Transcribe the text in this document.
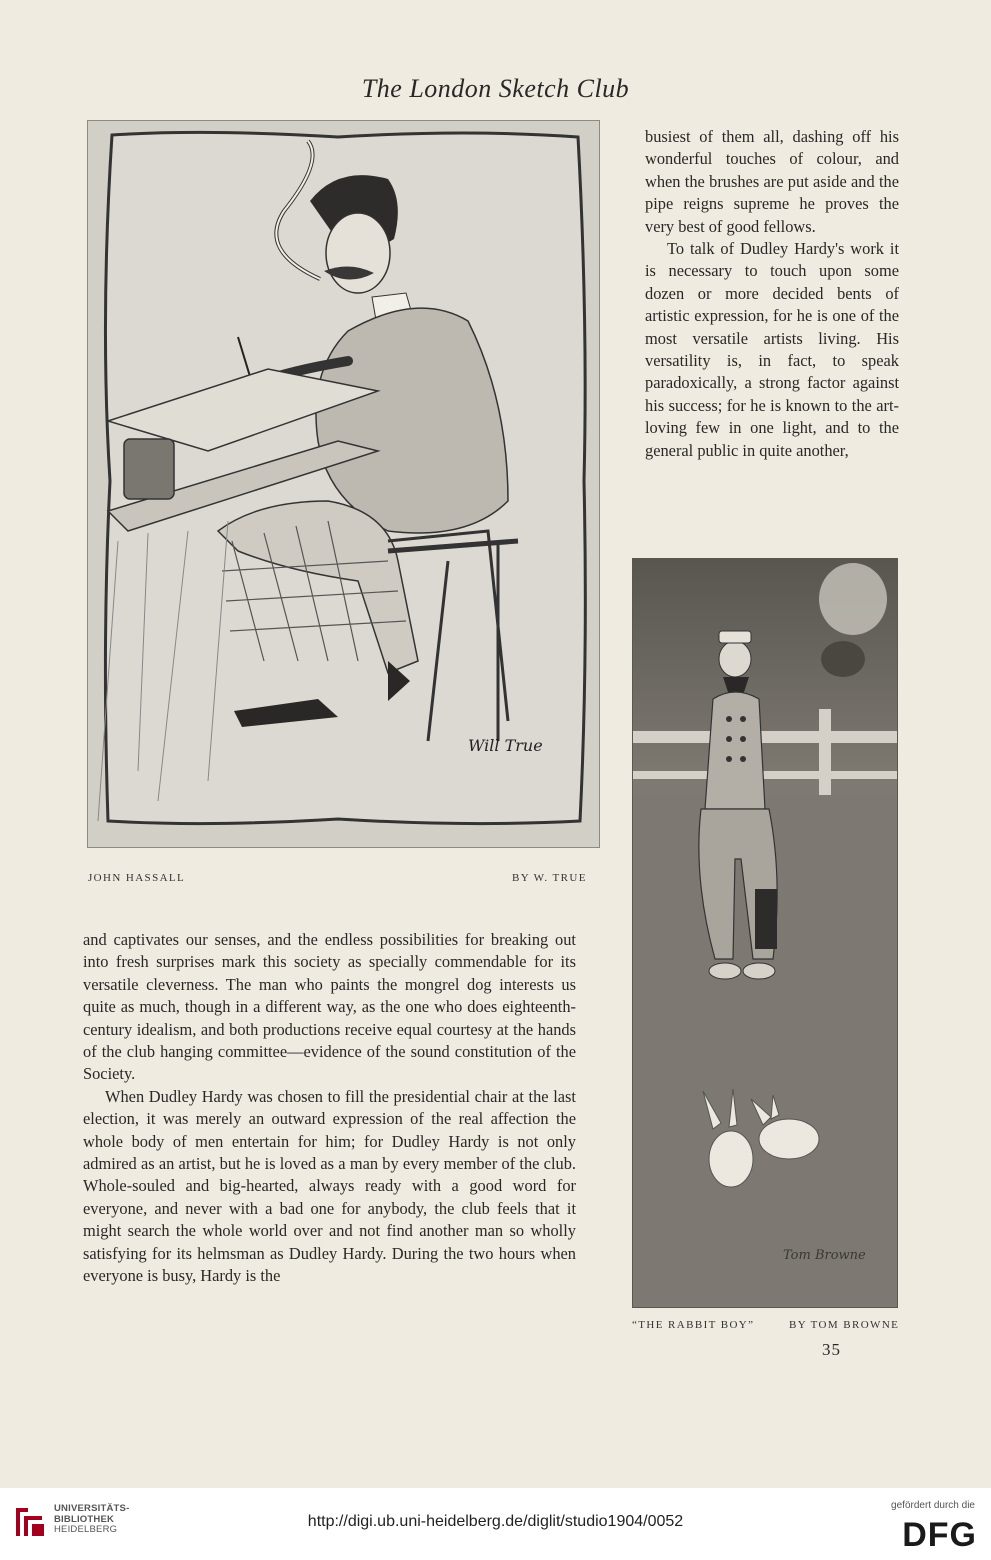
The London Sketch Club
Will True
JOHN HASSALL	BY W. TRUE

busiest of them all, dashing off his wonderful touches of colour, and when the brushes are put aside and the pipe reigns supreme he proves the very best of good fellows.

To talk of Dudley Hardy's work it is necessary to touch upon some dozen or more decided bents of artistic expression, for he is one of the most versatile artists living. His versatility is, in fact, to speak paradoxically, a strong factor against his success; for he is known to the art-loving few in one light, and to the general public in quite another,

and captivates our senses, and the endless possibilities for breaking out into fresh surprises mark this society as specially commendable for its versatile cleverness. The man who paints the mongrel dog interests us quite as much, though in a different way, as the one who does eighteenth-century idealism, and both productions receive equal courtesy at the hands of the club hanging committee—evidence of the sound constitution of the Society.

When Dudley Hardy was chosen to fill the presidential chair at the last election, it was merely an outward expression of the real affection the whole body of men entertain for him; for Dudley Hardy is not only admired as an artist, but he is loved as a man by every member of the club. Whole-souled and big-hearted, always ready with a good word for everyone, and never with a bad one for anybody, the club feels that it might search the whole world over and not find another man so wholly satisfying for its helmsman as Dudley Hardy. During the two hours when everyone is busy, Hardy is the

Tom Browne
“THE RABBIT BOY”	BY TOM BROWNE
35
UNIVERSITÄTS-
BIBLIOTHEK
HEIDELBERG	http://digi.ub.uni-heidelberg.de/diglit/studio1904/0052
gefördert durch die
DFG
